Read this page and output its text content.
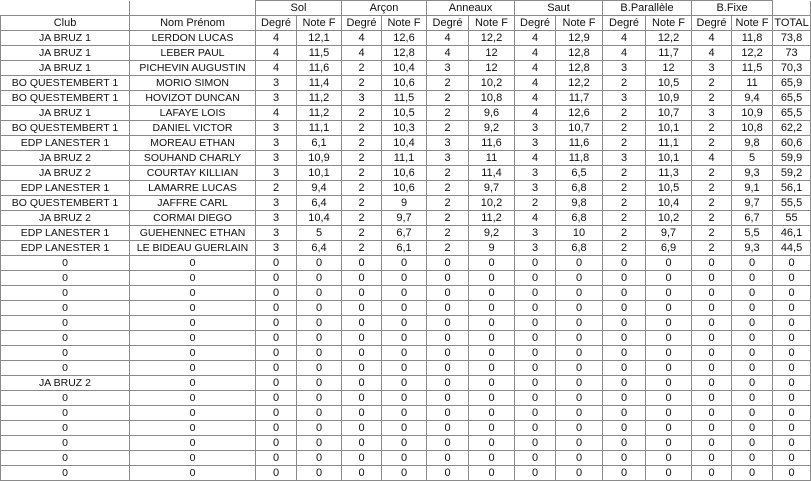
		Sol		Arçon		Anneaux		Saut		B.Parallèle		B.Fixe		
Club	Nom Prénom	Degré	Note F	Degré	Note F	Degré	Note F	Degré	Note F	Degré	Note F	Degré	Note F	TOTAL
JA BRUZ 1	LERDON LUCAS	4	12,1	4	12,6	4	12,2	4	12,9	4	12,2	4	11,8	73,8
JA BRUZ 1	LEBER PAUL	4	11,5	4	12,8	4	12	4	12,8	4	11,7	4	12,2	73
JA BRUZ 1	PICHEVIN AUGUSTIN	4	11,6	2	10,4	3	12	4	12,8	3	12	3	11,5	70,3
BO QUESTEMBERT 1	MORIO SIMON	3	11,4	2	10,6	2	10,2	4	12,2	2	10,5	2	11	65,9
BO QUESTEMBERT 1	HOVIZOT DUNCAN	3	11,2	3	11,5	2	10,8	4	11,7	3	10,9	2	9,4	65,5
JA BRUZ 1	LAFAYE LOIS	4	11,2	2	10,5	2	9,6	4	12,6	2	10,7	3	10,9	65,5
BO QUESTEMBERT 1	DANIEL VICTOR	3	11,1	2	10,3	2	9,2	3	10,7	2	10,1	2	10,8	62,2
EDP LANESTER 1	MOREAU ETHAN	3	6,1	2	10,4	3	11,6	3	11,6	2	11,1	2	9,8	60,6
JA BRUZ 2	SOUHAND CHARLY	3	10,9	2	11,1	3	11	4	11,8	3	10,1	4	5	59,9
JA BRUZ 2	COURTAY KILLIAN	3	10,1	2	10,6	2	11,4	3	6,5	2	11,3	2	9,3	59,2
EDP LANESTER 1	LAMARRE LUCAS	2	9,4	2	10,6	2	9,7	3	6,8	2	10,5	2	9,1	56,1
BO QUESTEMBERT 1	JAFFRE CARL	3	6,4	2	9	2	10,2	2	9,8	2	10,4	2	9,7	55,5
JA BRUZ 2	CORMAI DIEGO	3	10,4	2	9,7	2	11,2	4	6,8	2	10,2	2	6,7	55
EDP LANESTER 1	GUEHENNEC ETHAN	3	5	2	6,7	2	9,2	3	10	2	9,7	2	5,5	46,1
EDP LANESTER 1	LE BIDEAU GUERLAIN	3	6,4	2	6,1	2	9	3	6,8	2	6,9	2	9,3	44,5
0	0	0	0	0	0	0	0	0	0	0	0	0	0	0
0	0	0	0	0	0	0	0	0	0	0	0	0	0	0
0	0	0	0	0	0	0	0	0	0	0	0	0	0	0
0	0	0	0	0	0	0	0	0	0	0	0	0	0	0
0	0	0	0	0	0	0	0	0	0	0	0	0	0	0
0	0	0	0	0	0	0	0	0	0	0	0	0	0	0
0	0	0	0	0	0	0	0	0	0	0	0	0	0	0
0	0	0	0	0	0	0	0	0	0	0	0	0	0	0
JA BRUZ 2	0	0	0	0	0	0	0	0	0	0	0	0	0	0
0	0	0	0	0	0	0	0	0	0	0	0	0	0	0
0	0	0	0	0	0	0	0	0	0	0	0	0	0	0
0	0	0	0	0	0	0	0	0	0	0	0	0	0	0
0	0	0	0	0	0	0	0	0	0	0	0	0	0	0
0	0	0	0	0	0	0	0	0	0	0	0	0	0	0
0	0	0	0	0	0	0	0	0	0	0	0	0	0	0
